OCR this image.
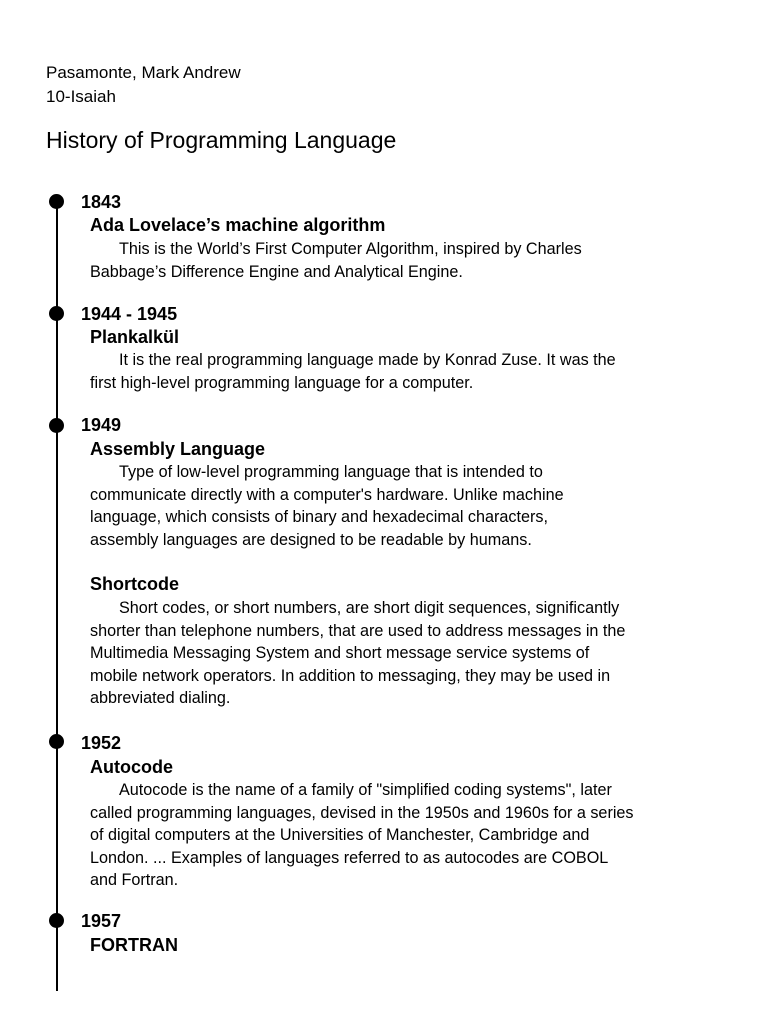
Pasamonte, Mark Andrew
10-Isaiah
History of Programming Language
1843
Ada Lovelace’s machine algorithm
This is the World’s First Computer Algorithm, inspired by Charles
Babbage’s Difference Engine and Analytical Engine.
1944 - 1945
Plankalkül
It is the real programming language made by Konrad Zuse. It was the
first high-level programming language for a computer.
1949
Assembly Language
Type of low-level programming language that is intended to
communicate directly with a computer's hardware. Unlike machine
language, which consists of binary and hexadecimal characters,
assembly languages are designed to be readable by humans.
Shortcode
Short codes, or short numbers, are short digit sequences, significantly
shorter than telephone numbers, that are used to address messages in the
Multimedia Messaging System and short message service systems of
mobile network operators. In addition to messaging, they may be used in
abbreviated dialing.
1952
Autocode
Autocode is the name of a family of "simplified coding systems", later
called programming languages, devised in the 1950s and 1960s for a series
of digital computers at the Universities of Manchester, Cambridge and
London. ... Examples of languages referred to as autocodes are COBOL
and Fortran.
1957
FORTRAN
